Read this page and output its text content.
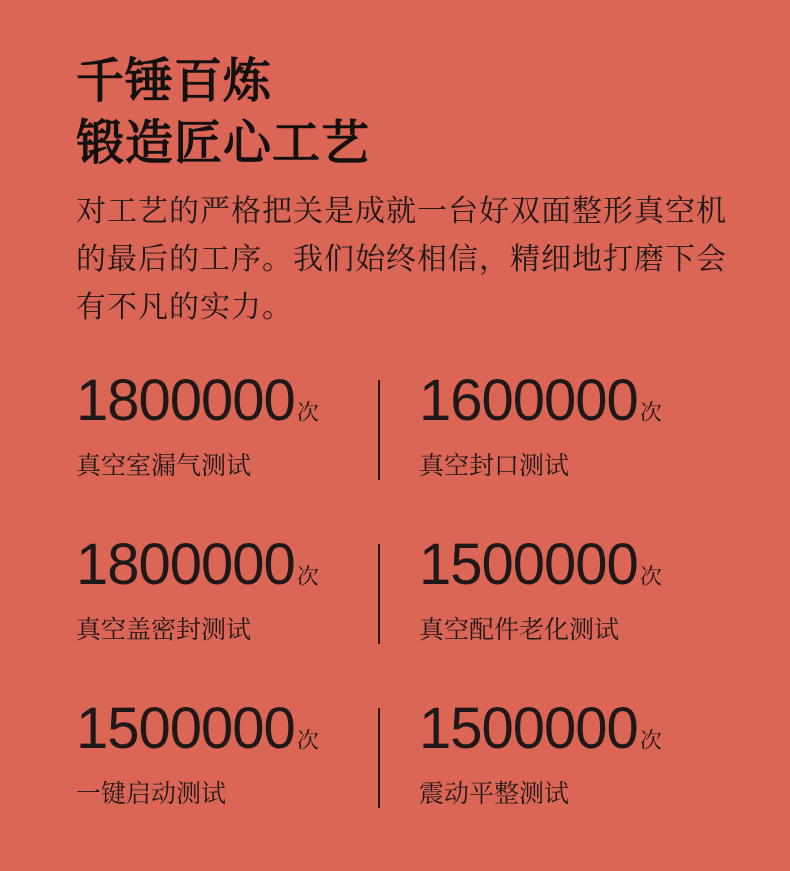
千锤百炼
锻造匠心工艺

对工艺的严格把关是成就一台好双面整形真空机的最后的工序。我们始终相信，精细地打磨下会有不凡的实力。

1800000次
真空室漏气测试
1600000次
真空封口测试
1800000次
真空盖密封测试
1500000次
真空配件老化测试
1500000次
一键启动测试
1500000次
震动平整测试
